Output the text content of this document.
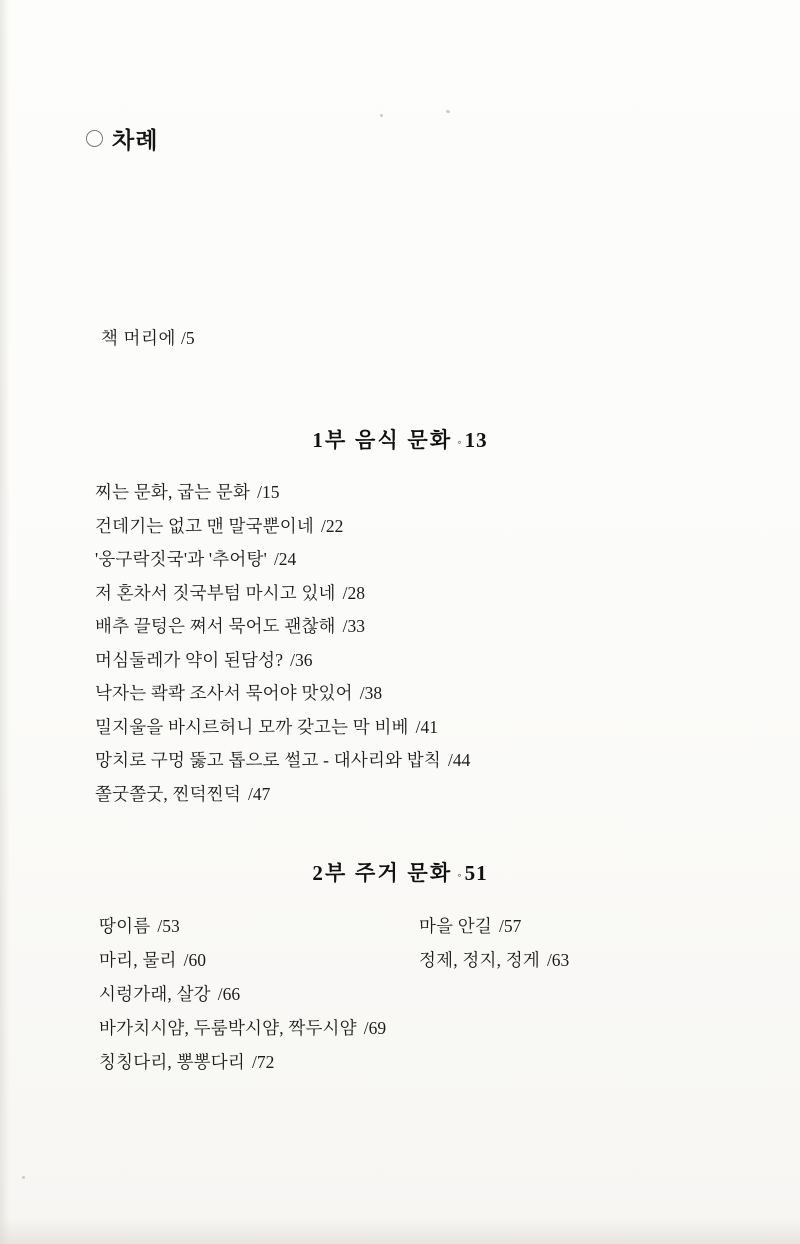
차례
책 머리에 /5
1부 음식 문화 ◦ 13
찌는 문화, 굽는 문화 /15
건데기는 없고 맨 말국뿐이네 /22
'웅구락짓국'과 '추어탕' /24
저 혼차서 짓국부텀 마시고 있네 /28
배추 끌텅은 쪄서 묵어도 괜찮해 /33
머심둘레가 약이 된담성? /36
낙자는 콱콱 조사서 묵어야 맛있어 /38
밀지울을 바시르허니 모까 갖고는 막 비베 /41
망치로 구멍 뚫고 톱으로 썰고 - 대사리와 밥칙 /44
쫄굿쫄굿, 찐덕찐덕 /47
2부 주거 문화 ◦ 51
땅이름 /53
마리, 물리 /60
시렁가래, 살강 /66
바가치시얌, 두룸박시얌, 짝두시얌 /69
칭칭다리, 뽕뽕다리 /72
마을 안길 /57
정제, 정지, 정게 /63
